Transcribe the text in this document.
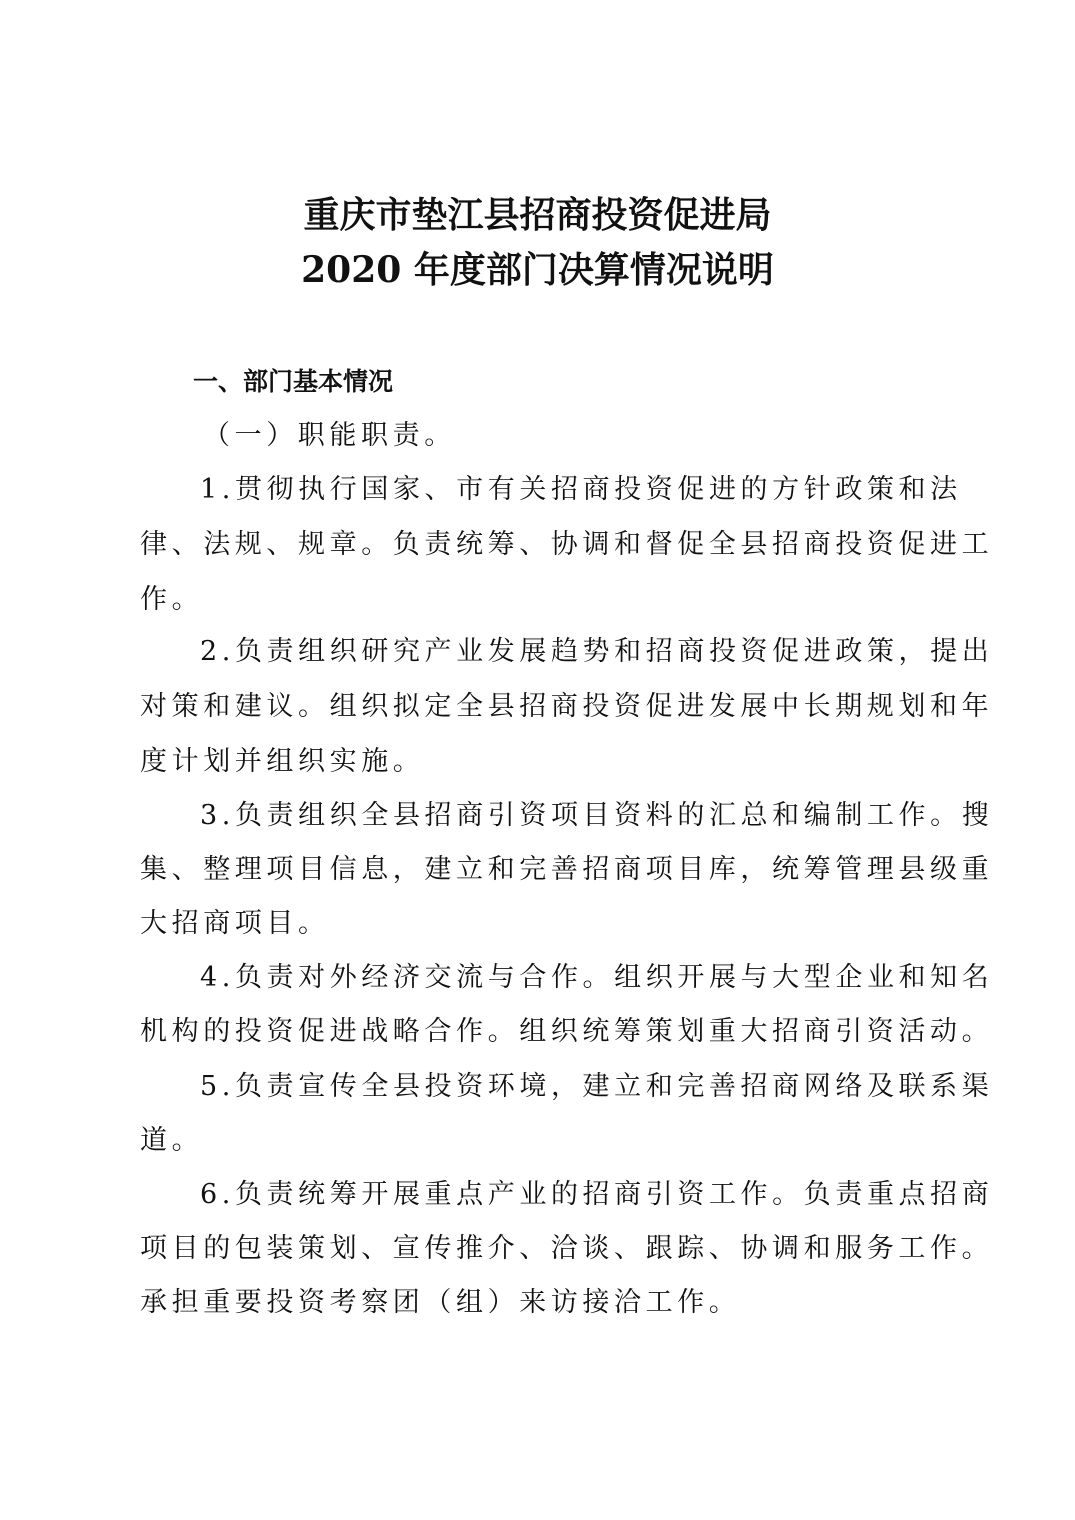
重庆市垫江县招商投资促进局
2020 年度部门决算情况说明
一、部门基本情况
（一）职能职责。
1.贯彻执行国家、市有关招商投资促进的方针政策和法
律、法规、规章。负责统筹、协调和督促全县招商投资促进工
作。
2.负责组织研究产业发展趋势和招商投资促进政策，提出
对策和建议。组织拟定全县招商投资促进发展中长期规划和年
度计划并组织实施。
3.负责组织全县招商引资项目资料的汇总和编制工作。搜
集、整理项目信息，建立和完善招商项目库，统筹管理县级重
大招商项目。
4.负责对外经济交流与合作。组织开展与大型企业和知名
机构的投资促进战略合作。组织统筹策划重大招商引资活动。
5.负责宣传全县投资环境，建立和完善招商网络及联系渠
道。
6.负责统筹开展重点产业的招商引资工作。负责重点招商
项目的包装策划、宣传推介、洽谈、跟踪、协调和服务工作。
承担重要投资考察团（组）来访接洽工作。
